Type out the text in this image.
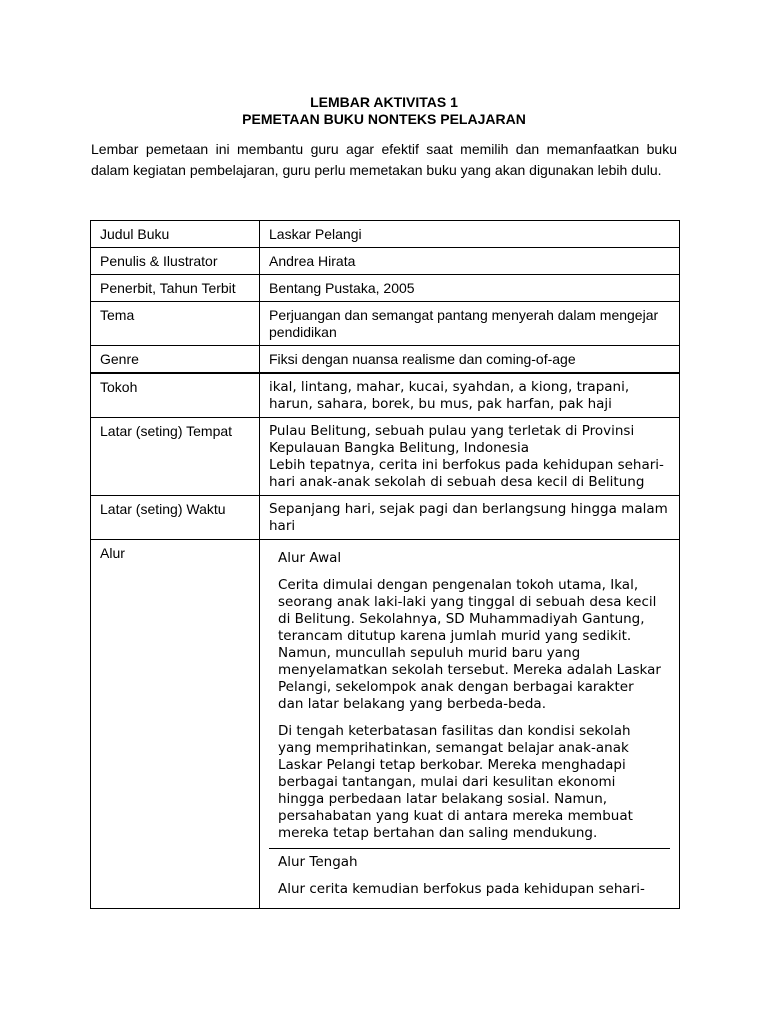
LEMBAR AKTIVITAS 1
PEMETAAN BUKU NONTEKS PELAJARAN
Lembar pemetaan ini membantu guru agar efektif saat memilih dan memanfaatkan buku dalam kegiatan pembelajaran, guru perlu memetakan buku yang akan digunakan lebih dulu.
Judul Buku	Laskar Pelangi
Penulis & Ilustrator	Andrea Hirata
Penerbit, Tahun Terbit	Bentang Pustaka, 2005
Tema	Perjuangan dan semangat pantang menyerah dalam mengejar pendidikan
Genre	Fiksi dengan nuansa realisme dan coming-of-age
Tokoh	ikal, lintang, mahar, kucai, syahdan, a kiong, trapani, harun, sahara, borek, bu mus, pak harfan, pak haji
Latar (seting) Tempat	Pulau Belitung, sebuah pulau yang terletak di Provinsi Kepulauan Bangka Belitung, Indonesia
Lebih tepatnya, cerita ini berfokus pada kehidupan sehari-hari anak-anak sekolah di sebuah desa kecil di Belitung

Latar (seting) Waktu	Sepanjang hari, sejak pagi dan berlangsung hingga malam hari
Alur	Alur Awal
Cerita dimulai dengan pengenalan tokoh utama, Ikal, seorang anak laki-laki yang tinggal di sebuah desa kecil di Belitung. Sekolahnya, SD Muhammadiyah Gantung, terancam ditutup karena jumlah murid yang sedikit. Namun, muncullah sepuluh murid baru yang menyelamatkan sekolah tersebut. Mereka adalah Laskar Pelangi, sekelompok anak dengan berbagai karakter dan latar belakang yang berbeda-beda.
Di tengah keterbatasan fasilitas dan kondisi sekolah yang memprihatinkan, semangat belajar anak-anak Laskar Pelangi tetap berkobar. Mereka menghadapi berbagai tantangan, mulai dari kesulitan ekonomi hingga perbedaan latar belakang sosial. Namun, persahabatan yang kuat di antara mereka membuat mereka tetap bertahan dan saling mendukung.
Alur Tengah
Alur cerita kemudian berfokus pada kehidupan sehari-
